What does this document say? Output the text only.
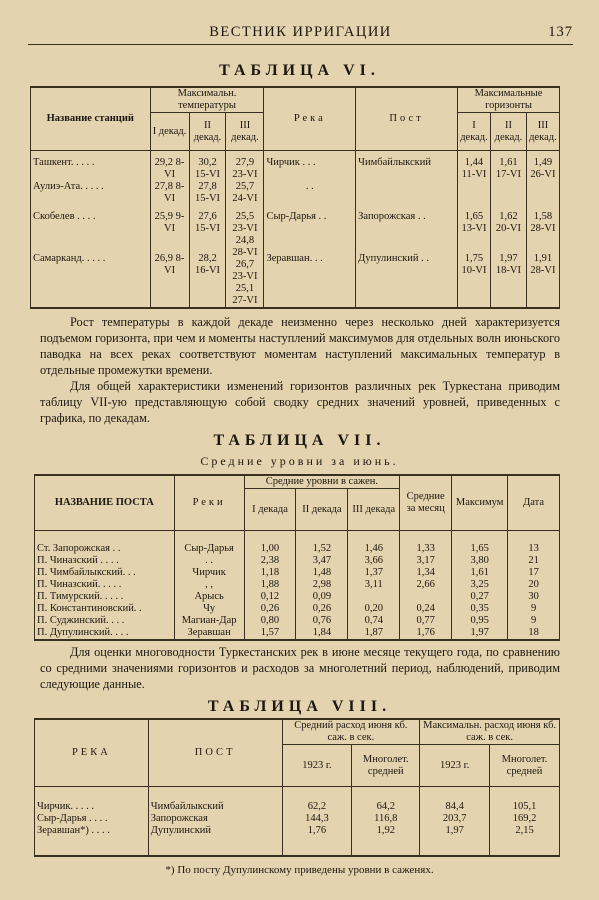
ВЕСТНИК ИРРИГАЦИИ	137
ТАБЛИЦА VI.
Название станций	Максимальн. температуры			Река	Пост	Максимальные горизонты		
	I декад.	II декад.	III декад.			I декад.	II декад.	III декад.
Ташкент. . . . .	29,2 8-VI	30,2 15-VI	27,9 23-VI	Чирчик . . .	Чимбайлыкский	1,44 11-VI	1,61 17-VI	1,49 26-VI
Аулиэ-Ата. . . . .	27,8 8-VI	27,8 15-VI	25,7 24-VI	. .				
Скобелев . . . .	25,9 9-VI	27,6 15-VI	25,5 23-VI	Сыр-Дарья . .	Запорожская . .	1,65 13-VI	1,62 20-VI	1,58 28-VI
Самарканд. . . . .	26,9 8-VI	28,2 16-VI	24,8 28-VI 26,7 23-VI 25,1 27-VI	Зеравшан. . .	Дупулинский . .	1,75 10-VI	1,97 18-VI	1,91 28-VI

Рост температуры в каждой декаде неизменно через несколько дней характеризуется подъемом горизонта, при чем и моменты наступлений максимумов для отдельных волн июньского паводка на всех реках соответствуют моментам наступлений максимальных температур в отдельные промежутки времени.

Для общей характеристики изменений горизонтов различных рек Туркестана приводим таблицу VII-ую представляющую собой сводку средних значений уровней, приведенных с графика, по декадам.

ТАБЛИЦА VII.
Средние уровни за июнь.
НАЗВАНИЕ ПОСТА	Реки	Средние уровни в сажен.			Средние за месяц	Максимум	Дата
		I декада	II декада	III декада			

Ст. Запорожская . .	Сыр-Дарья	1,00	1,52	1,46	1,33	1,65	13
П. Чиназский . . . .	. .	2,38	3,47	3,66	3,17	3,80	21
П. Чимбайлыкский. . .	Чирчик	1,18	1,48	1,37	1,34	1,61	17
П. Чиназский. . . . .	, ,	1,88	2,98	3,11	2,66	3,25	20
П. Тимурский. . . . .	Арысь	0,12	0,09			0,27	30
П. Константиновский. .	Чу	0,26	0,26	0,20	0,24	0,35	9
П. Суджинский. . . .	Магиан-Дар	0,80	0,76	0,74	0,77	0,95	9
П. Дупулинский. . . .	Зеравшан	1,57	1,84	1,87	1,76	1,97	18

Для оценки многоводности Туркестанских рек в июне месяце текущего года, по сравнению со средними значениями горизонтов и расходов за многолетний период, наблюдений, приводим следующие данные.

ТАБЛИЦА VIII.
РЕКА	ПОСТ	Средний расход июня кб. саж. в сек.		Максимальн. расход июня кб. саж. в сек.	
		1923 г.	Многолет. средней	1923 г.	Многолет. средней

Чирчик. . . . .	Чимбайлыкский	62,2	64,2	84,4	105,1
Сыр-Дарья . . . .	Запорожская	144,3	116,8	203,7	169,2
Зеравшан*) . . . .	Дупулинский	1,76	1,92	1,97	2,15
*) По посту Дупулинскому приведены уровни в саженях.
